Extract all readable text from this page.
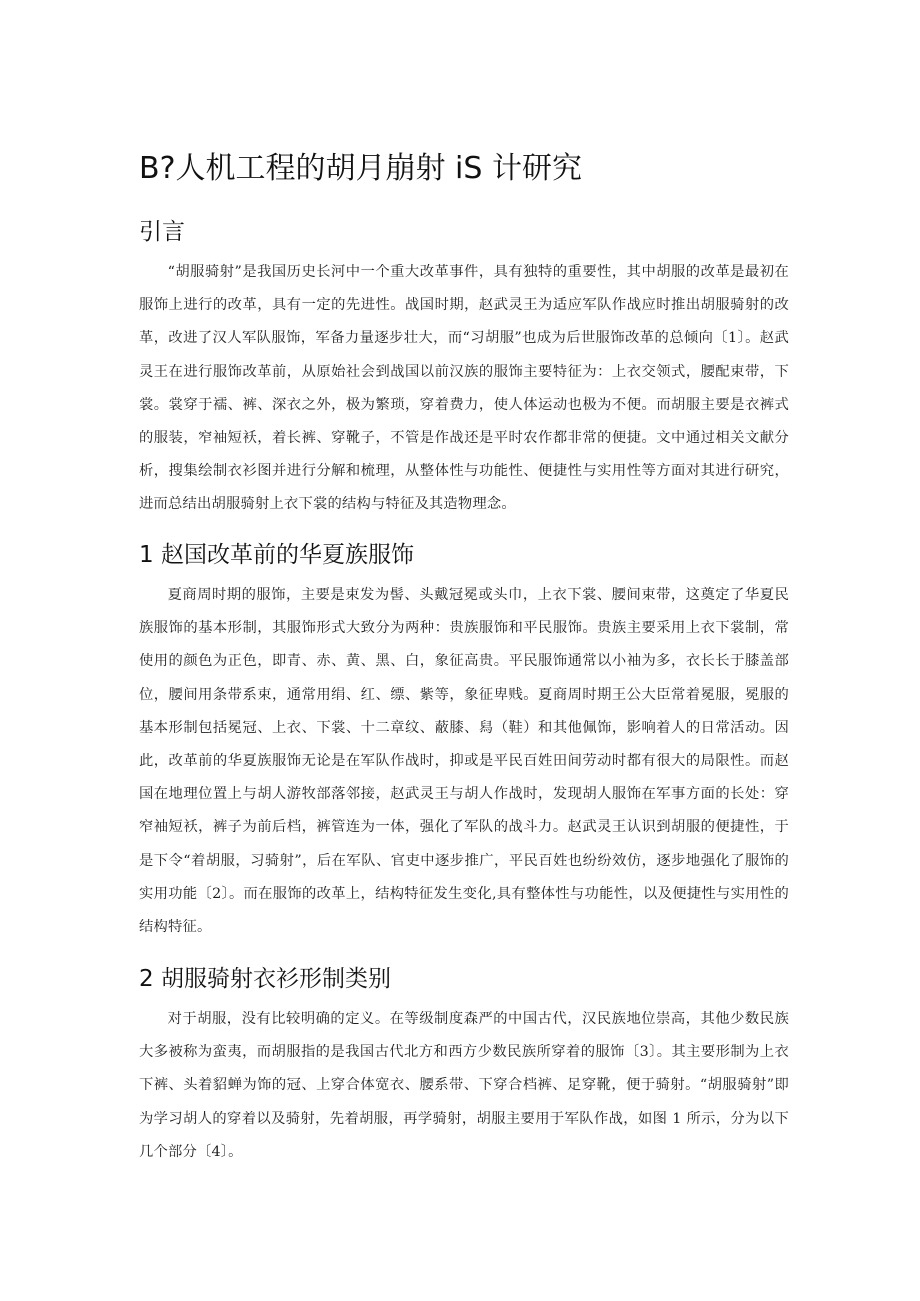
B?人机工程的胡月崩射 iS 计研究
引言

“胡服骑射”是我国历史长河中一个重大改革事件，具有独特的重要性，其中胡服的改革是最初在服饰上进行的改革，具有一定的先进性。战国时期，赵武灵王为适应军队作战应时推出胡服骑射的改革，改进了汉人军队服饰，军备力量逐步壮大，而“习胡服”也成为后世服饰改革的总倾向〔1〕。赵武灵王在进行服饰改革前，从原始社会到战国以前汉族的服饰主要特征为：上衣交领式，腰配束带，下裳。裳穿于襦、裤、深衣之外，极为繁琐，穿着费力，使人体运动也极为不便。而胡服主要是衣裤式的服装，窄袖短袄，着长裤、穿靴子，不管是作战还是平时农作都非常的便捷。文中通过相关文献分析，搜集绘制衣衫图并进行分解和梳理，从整体性与功能性、便捷性与实用性等方面对其进行研究，进而总结出胡服骑射上衣下裳的结构与特征及其造物理念。

1 赵国改革前的华夏族服饰

夏商周时期的服饰，主要是束发为髻、头戴冠冕或头巾，上衣下裳、腰间束带，这奠定了华夏民族服饰的基本形制，其服饰形式大致分为两种：贵族服饰和平民服饰。贵族主要采用上衣下裳制，常使用的颜色为正色，即青、赤、黄、黑、白，象征高贵。平民服饰通常以小袖为多，衣长长于膝盖部位，腰间用条带系束，通常用绢、红、缥、紫等，象征卑贱。夏商周时期王公大臣常着冕服，冕服的基本形制包括冕冠、上衣、下裳、十二章纹、蔽膝、舄（鞋）和其他佩饰，影响着人的日常活动。因此，改革前的华夏族服饰无论是在军队作战时，抑或是平民百姓田间劳动时都有很大的局限性。而赵国在地理位置上与胡人游牧部落邻接，赵武灵王与胡人作战时，发现胡人服饰在军事方面的长处：穿窄袖短袄，裤子为前后档，裤管连为一体，强化了军队的战斗力。赵武灵王认识到胡服的便捷性，于是下令“着胡服，习骑射”，后在军队、官吏中逐步推广，平民百姓也纷纷效仿，逐步地强化了服饰的实用功能〔2〕。而在服饰的改革上，结构特征发生变化,具有整体性与功能性，以及便捷性与实用性的结构特征。

2 胡服骑射衣衫形制类别

对于胡服，没有比较明确的定义。在等级制度森严的中国古代，汉民族地位崇高，其他少数民族大多被称为蛮夷，而胡服指的是我国古代北方和西方少数民族所穿着的服饰〔3〕。其主要形制为上衣下裤、头着貂蝉为饰的冠、上穿合体宽衣、腰系带、下穿合档裤、足穿靴，便于骑射。“胡服骑射”即为学习胡人的穿着以及骑射，先着胡服，再学骑射，胡服主要用于军队作战，如图 1 所示，分为以下几个部分〔4〕。
